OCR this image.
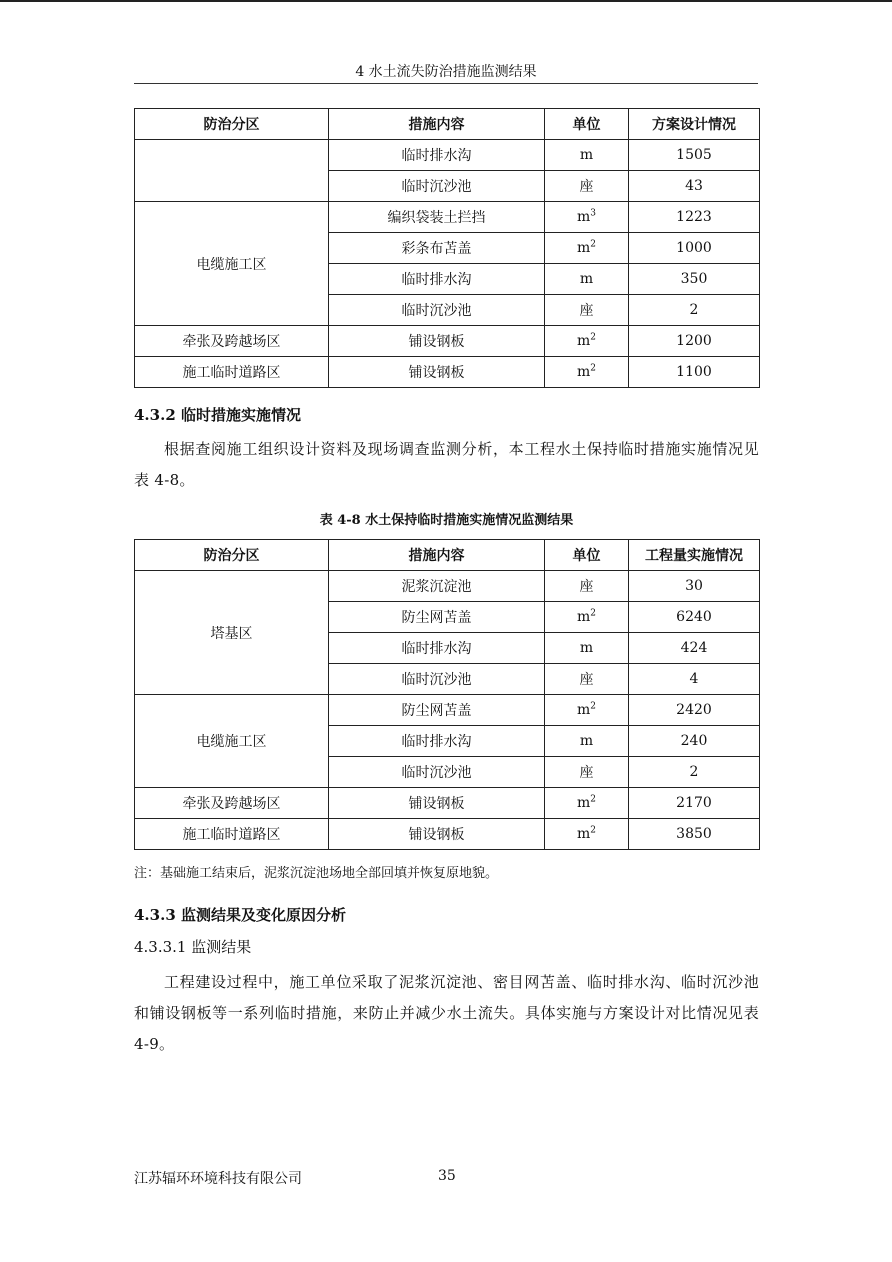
4 水土流失防治措施监测结果
防治分区	措施内容	单位	方案设计情况
	临时排水沟	m	1505
	临时沉沙池	座	43
电缆施工区	编织袋装土拦挡	$m^3$	1223
	彩条布苫盖	$m^2$	1000
	临时排水沟	m	350
	临时沉沙池	座	2
牵张及跨越场区	铺设钢板	$m^2$	1200
施工临时道路区	铺设钢板	$m^2$	1100
4.3.2 临时措施实施情况
根据查阅施工组织设计资料及现场调查监测分析，本工程水土保持临时措施实施情况见表 4-8。
表 4-8 水土保持临时措施实施情况监测结果
防治分区	措施内容	单位	工程量实施情况
塔基区	泥浆沉淀池	座	30
	防尘网苫盖	$m^2$	6240
	临时排水沟	m	424
	临时沉沙池	座	4
电缆施工区	防尘网苫盖	$m^2$	2420
	临时排水沟	m	240
	临时沉沙池	座	2
牵张及跨越场区	铺设钢板	$m^2$	2170
施工临时道路区	铺设钢板	$m^2$	3850
注：基础施工结束后，泥浆沉淀池场地全部回填并恢复原地貌。
4.3.3 监测结果及变化原因分析
4.3.3.1 监测结果
工程建设过程中，施工单位采取了泥浆沉淀池、密目网苫盖、临时排水沟、临时沉沙池和铺设钢板等一系列临时措施，来防止并减少水土流失。具体实施与方案设计对比情况见表 4-9。
江苏辐环环境科技有限公司	35
